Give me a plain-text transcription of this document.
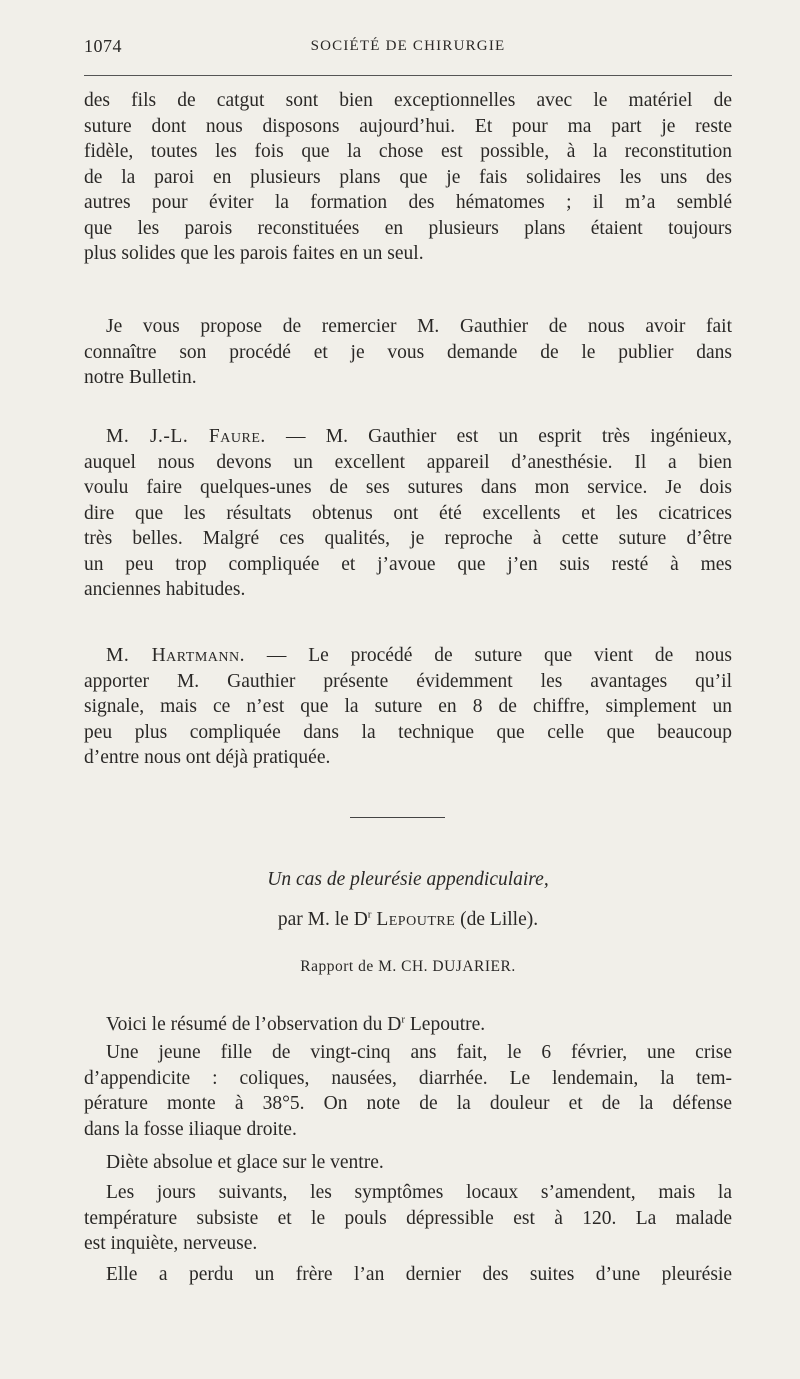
1074	SOCIÉTÉ DE CHIRURGIE
des fils de catgut sont bien exceptionnelles avec le matériel de
suture dont nous disposons aujourd’hui. Et pour ma part je reste
fidèle, toutes les fois que la chose est possible, à la reconstitution
de la paroi en plusieurs plans que je fais solidaires les uns des
autres pour éviter la formation des hématomes ; il m’a semblé
que les parois reconstituées en plusieurs plans étaient toujours
plus solides que les parois faites en un seul.
Je vous propose de remercier M. Gauthier de nous avoir fait
connaître son procédé et je vous demande de le publier dans
notre Bulletin.
M. J.-L. Faure. — M. Gauthier est un esprit très ingénieux,
auquel nous devons un excellent appareil d’anesthésie. Il a bien
voulu faire quelques-unes de ses sutures dans mon service. Je dois
dire que les résultats obtenus ont été excellents et les cicatrices
très belles. Malgré ces qualités, je reproche à cette suture d’être
un peu trop compliquée et j’avoue que j’en suis resté à mes
anciennes habitudes.
M. Hartmann. — Le procédé de suture que vient de nous
apporter M. Gauthier présente évidemment les avantages qu’il
signale, mais ce n’est que la suture en 8 de chiffre, simplement un
peu plus compliquée dans la technique que celle que beaucoup
d’entre nous ont déjà pratiquée.
Un cas de pleurésie appendiculaire,
par M. le $D^r$ Lepoutre (de Lille).
Rapport de M. CH. DUJARIER.
Voici le résumé de l’observation du $D^r$ Lepoutre.
Une jeune fille de vingt-cinq ans fait, le 6 février, une crise
d’appendicite : coliques, nausées, diarrhée. Le lendemain, la tem-
pérature monte à 38°5. On note de la douleur et de la défense
dans la fosse iliaque droite.
Diète absolue et glace sur le ventre.
Les jours suivants, les symptômes locaux s’amendent, mais la
température subsiste et le pouls dépressible est à 120. La malade
est inquiète, nerveuse.
Elle a perdu un frère l’an dernier des suites d’une pleurésie
